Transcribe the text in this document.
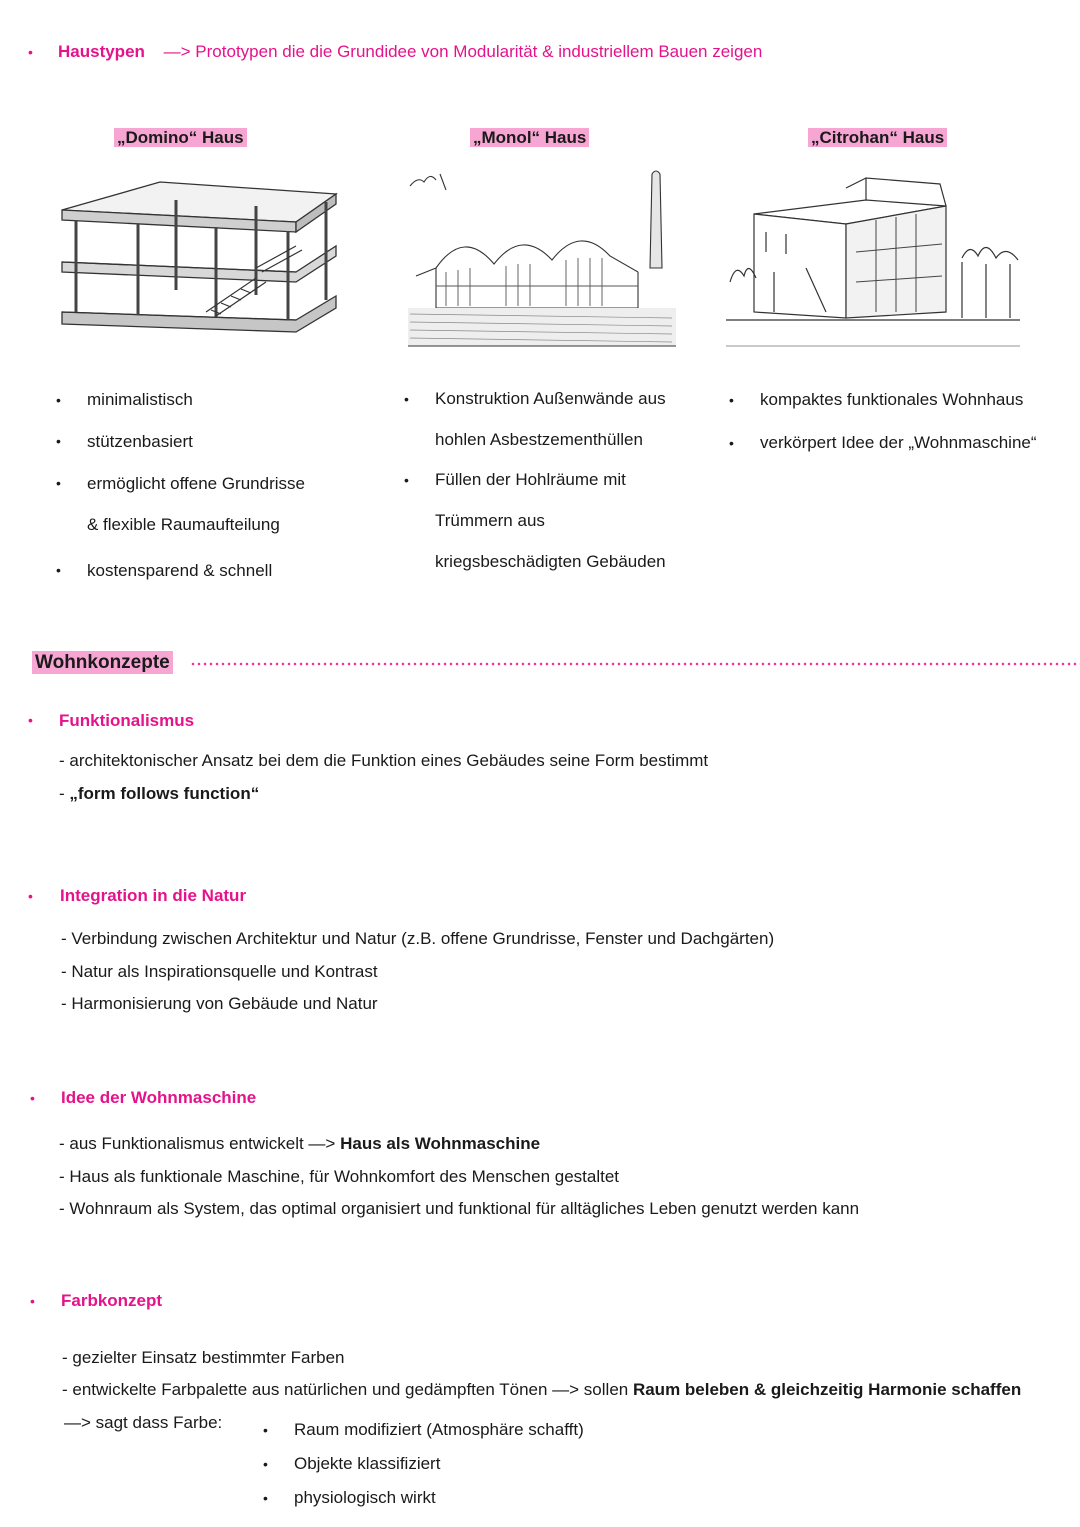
• Haustypen —> Prototypen die die Grundidee von Modularität & industriellem Bauen zeigen
„Domino“ Haus	„Monol“ Haus	„Citrohan“ Haus
• minimalistisch
• stützenbasiert
• ermöglicht offene Grundrisse
& flexible Raumaufteilung
• kostensparend & schnell
• Konstruktion Außenwände aus
hohlen Asbestzementhüllen
• Füllen der Hohlräume mit
Trümmern aus
kriegsbeschädigten Gebäuden
• kompaktes funktionales Wohnhaus
• verkörpert Idee der „Wohnmaschine“
Wohnkonzepte
• Funktionalismus
- architektonischer Ansatz bei dem die Funktion eines Gebäudes seine Form bestimmt
- „form follows function“
• Integration in die Natur
- Verbindung zwischen Architektur und Natur (z.B. offene Grundrisse, Fenster und Dachgärten)
- Natur als Inspirationsquelle und Kontrast
- Harmonisierung von Gebäude und Natur
• Idee der Wohnmaschine
- aus Funktionalismus entwickelt —> Haus als Wohnmaschine
- Haus als funktionale Maschine, für Wohnkomfort des Menschen gestaltet
- Wohnraum als System, das optimal organisiert und funktional für alltägliches Leben genutzt werden kann
• Farbkonzept
- gezielter Einsatz bestimmter Farben
- entwickelte Farbpalette aus natürlichen und gedämpften Tönen —> sollen Raum beleben & gleichzeitig Harmonie schaffen
—> sagt dass Farbe:	• Raum modifiziert (Atmosphäre schafft)
• Objekte klassifiziert
• physiologisch wirkt
